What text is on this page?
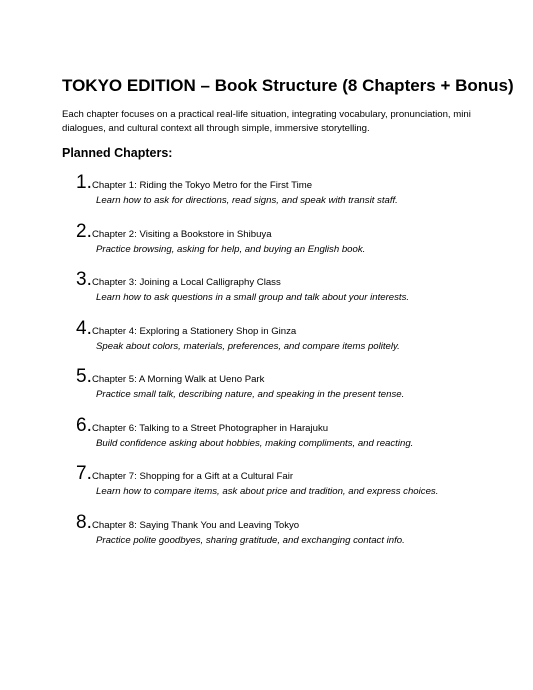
TOKYO EDITION – Book Structure (8 Chapters + Bonus)
Each chapter focuses on a practical real-life situation, integrating vocabulary, pronunciation, mini dialogues, and cultural context all through simple, immersive storytelling.
Planned Chapters:
1. Chapter 1: Riding the Tokyo Metro for the First Time
Learn how to ask for directions, read signs, and speak with transit staff.
2. Chapter 2: Visiting a Bookstore in Shibuya
Practice browsing, asking for help, and buying an English book.
3. Chapter 3: Joining a Local Calligraphy Class
Learn how to ask questions in a small group and talk about your interests.
4. Chapter 4: Exploring a Stationery Shop in Ginza
Speak about colors, materials, preferences, and compare items politely.
5. Chapter 5: A Morning Walk at Ueno Park
Practice small talk, describing nature, and speaking in the present tense.
6. Chapter 6: Talking to a Street Photographer in Harajuku
Build confidence asking about hobbies, making compliments, and reacting.
7. Chapter 7: Shopping for a Gift at a Cultural Fair
Learn how to compare items, ask about price and tradition, and express choices.
8. Chapter 8: Saying Thank You and Leaving Tokyo
Practice polite goodbyes, sharing gratitude, and exchanging contact info.
